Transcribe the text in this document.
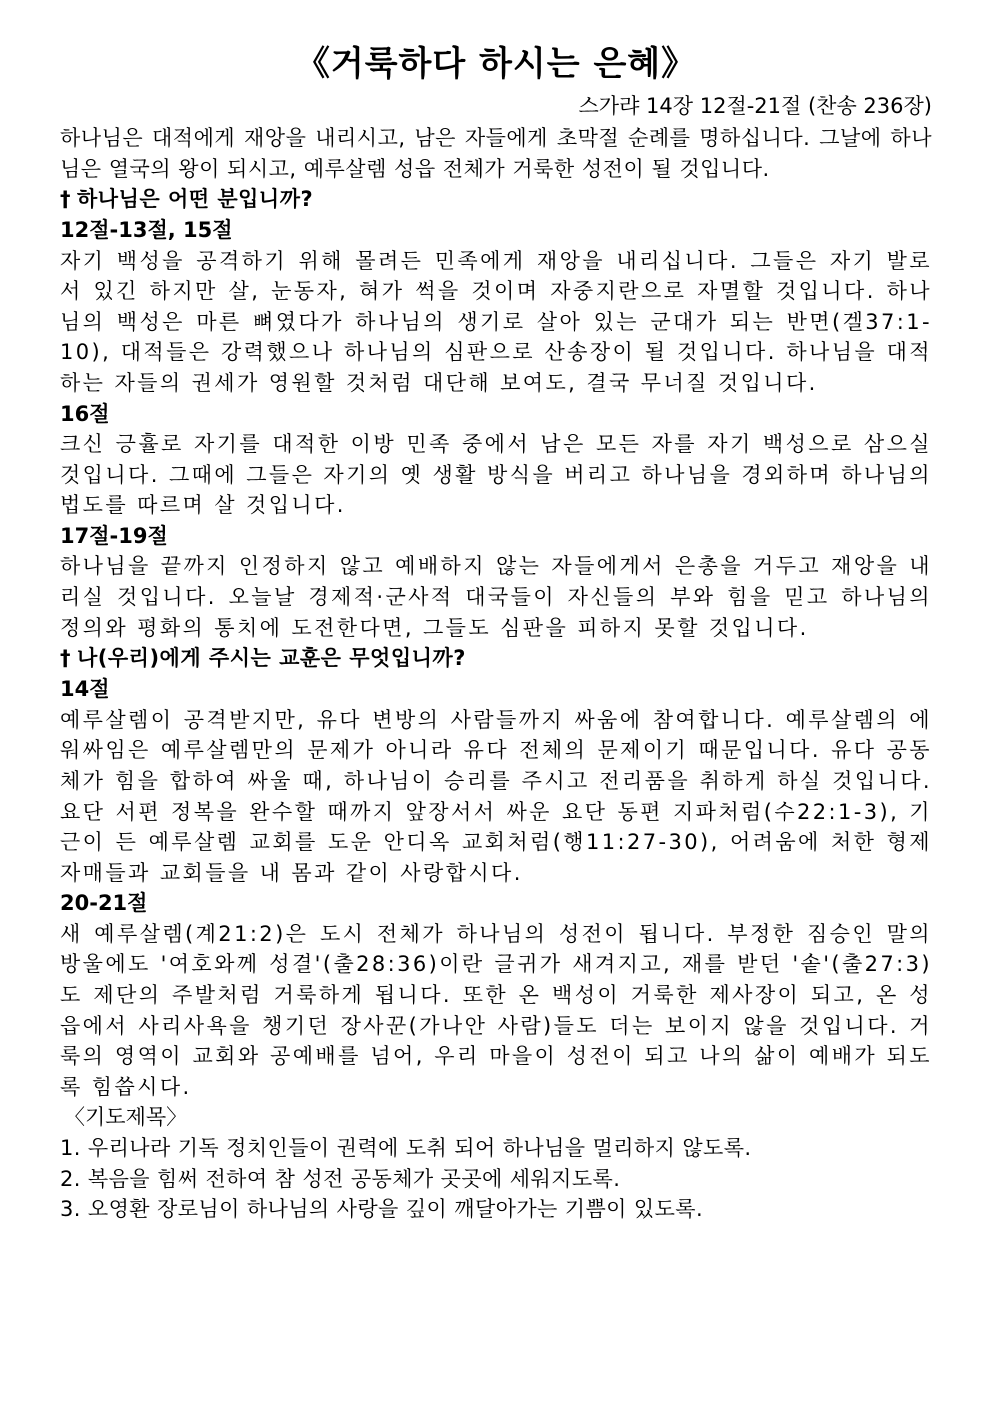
《거룩하다 하시는 은혜》

스가랴 14장 12절-21절 (찬송 236장)

하나님은 대적에게 재앙을 내리시고, 남은 자들에게 초막절 순례를 명하십니다. 그날에 하나님은 열국의 왕이 되시고, 예루살렘 성읍 전체가 거룩한 성전이 될 것입니다.

† 하나님은 어떤 분입니까?

12절-13절, 15절

자기 백성을 공격하기 위해 몰려든 민족에게 재앙을 내리십니다. 그들은 자기 발로 서 있긴 하지만 살, 눈동자, 혀가 썩을 것이며 자중지란으로 자멸할 것입니다. 하나님의 백성은 마른 뼈였다가 하나님의 생기로 살아 있는 군대가 되는 반면(겔37:1-10), 대적들은 강력했으나 하나님의 심판으로 산송장이 될 것입니다. 하나님을 대적하는 자들의 권세가 영원할 것처럼 대단해 보여도, 결국 무너질 것입니다.

16절

크신 긍휼로 자기를 대적한 이방 민족 중에서 남은 모든 자를 자기 백성으로 삼으실 것입니다. 그때에 그들은 자기의 옛 생활 방식을 버리고 하나님을 경외하며 하나님의 법도를 따르며 살 것입니다.

17절-19절

하나님을 끝까지 인정하지 않고 예배하지 않는 자들에게서 은총을 거두고 재앙을 내리실 것입니다. 오늘날 경제적·군사적 대국들이 자신들의 부와 힘을 믿고 하나님의 정의와 평화의 통치에 도전한다면, 그들도 심판을 피하지 못할 것입니다.

† 나(우리)에게 주시는 교훈은 무엇입니까?

14절

예루살렘이 공격받지만, 유다 변방의 사람들까지 싸움에 참여합니다. 예루살렘의 에워싸임은 예루살렘만의 문제가 아니라 유다 전체의 문제이기 때문입니다. 유다 공동체가 힘을 합하여 싸울 때, 하나님이 승리를 주시고 전리품을 취하게 하실 것입니다. 요단 서편 정복을 완수할 때까지 앞장서서 싸운 요단 동편 지파처럼(수22:1-3), 기근이 든 예루살렘 교회를 도운 안디옥 교회처럼(행11:27-30), 어려움에 처한 형제 자매들과 교회들을 내 몸과 같이 사랑합시다.

20-21절

새 예루살렘(계21:2)은 도시 전체가 하나님의 성전이 됩니다. 부정한 짐승인 말의 방울에도 '여호와께 성결'(출28:36)이란 글귀가 새겨지고, 재를 받던 '솥'(출27:3)도 제단의 주발처럼 거룩하게 됩니다. 또한 온 백성이 거룩한 제사장이 되고, 온 성읍에서 사리사욕을 챙기던 장사꾼(가나안 사람)들도 더는 보이지 않을 것입니다. 거룩의 영역이 교회와 공예배를 넘어, 우리 마을이 성전이 되고 나의 삶이 예배가 되도록 힘씁시다.

〈기도제목〉

1. 우리나라 기독 정치인들이 권력에 도취 되어 하나님을 멀리하지 않도록.
2. 복음을 힘써 전하여 참 성전 공동체가 곳곳에 세워지도록.
3. 오영환 장로님이 하나님의 사랑을 깊이 깨달아가는 기쁨이 있도록.
